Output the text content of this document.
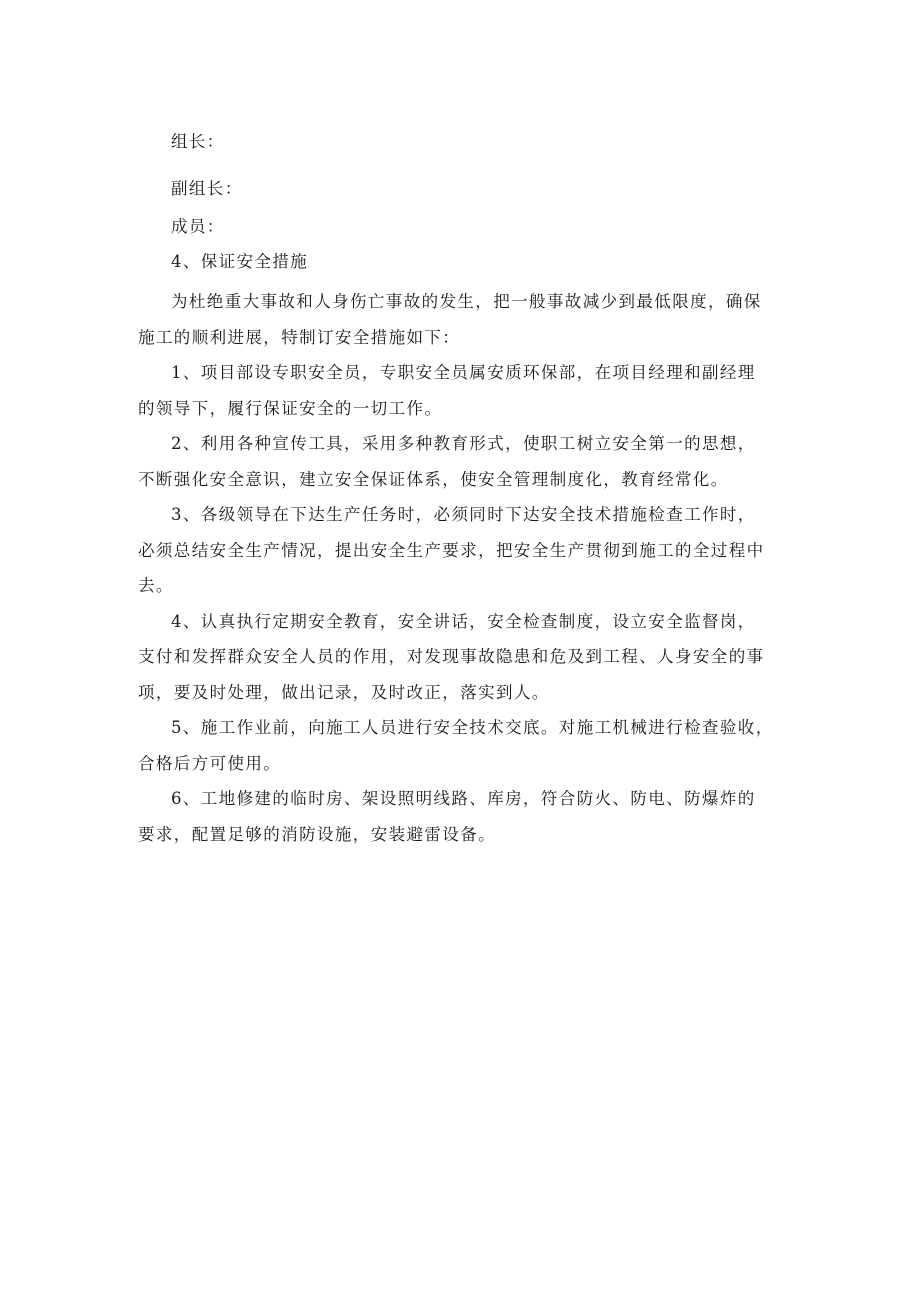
组长：

副组长：

成员：

4、保证安全措施

为杜绝重大事故和人身伤亡事故的发生，把一般事故减少到最低限度，确保
施工的顺利进展，特制订安全措施如下：

1、项目部设专职安全员，专职安全员属安质环保部，在项目经理和副经理
的领导下，履行保证安全的一切工作。

2、利用各种宣传工具，采用多种教育形式，使职工树立安全第一的思想，
不断强化安全意识，建立安全保证体系，使安全管理制度化，教育经常化。

3、各级领导在下达生产任务时，必须同时下达安全技术措施检查工作时，
必须总结安全生产情况，提出安全生产要求，把安全生产贯彻到施工的全过程中
去。

4、认真执行定期安全教育，安全讲话，安全检查制度，设立安全监督岗，
支付和发挥群众安全人员的作用，对发现事故隐患和危及到工程、人身安全的事
项，要及时处理，做出记录，及时改正，落实到人。

5、施工作业前，向施工人员进行安全技术交底。对施工机械进行检查验收，
合格后方可使用。

6、工地修建的临时房、架设照明线路、库房，符合防火、防电、防爆炸的
要求，配置足够的消防设施，安装避雷设备。
